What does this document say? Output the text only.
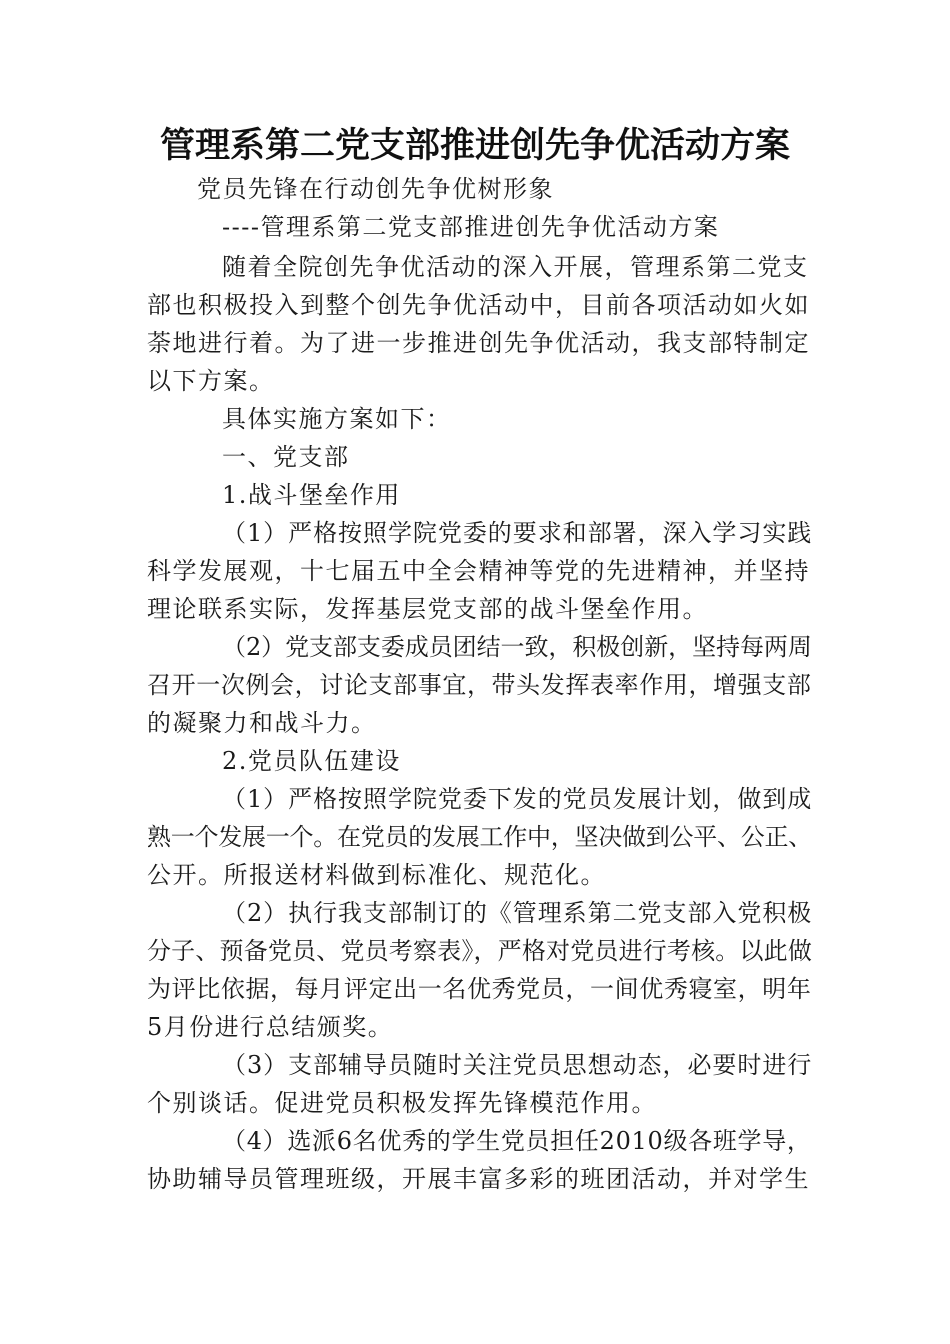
管理系第二党支部推进创先争优活动方案
党员先锋在行动创先争优树形象
----管理系第二党支部推进创先争优活动方案
随着全院创先争优活动的深入开展，管理系第二党支
部也积极投入到整个创先争优活动中，目前各项活动如火如
荼地进行着。为了进一步推进创先争优活动，我支部特制定
以下方案。
具体实施方案如下：
一、党支部
1.战斗堡垒作用
（1）严格按照学院党委的要求和部署，深入学习实践
科学发展观，十七届五中全会精神等党的先进精神，并坚持
理论联系实际，发挥基层党支部的战斗堡垒作用。
（2）党支部支委成员团结一致，积极创新，坚持每两周
召开一次例会，讨论支部事宜，带头发挥表率作用，增强支部
的凝聚力和战斗力。
2.党员队伍建设
（1）严格按照学院党委下发的党员发展计划，做到成
熟一个发展一个。在党员的发展工作中，坚决做到公平、公正、
公开。所报送材料做到标准化、规范化。
（2）执行我支部制订的《管理系第二党支部入党积极
分子、预备党员、党员考察表》，严格对党员进行考核。以此做
为评比依据，每月评定出一名优秀党员，一间优秀寝室，明年
5月份进行总结颁奖。
（3）支部辅导员随时关注党员思想动态，必要时进行
个别谈话。促进党员积极发挥先锋模范作用。
（4）选派6名优秀的学生党员担任2010级各班学导，
协助辅导员管理班级，开展丰富多彩的班团活动，并对学生
